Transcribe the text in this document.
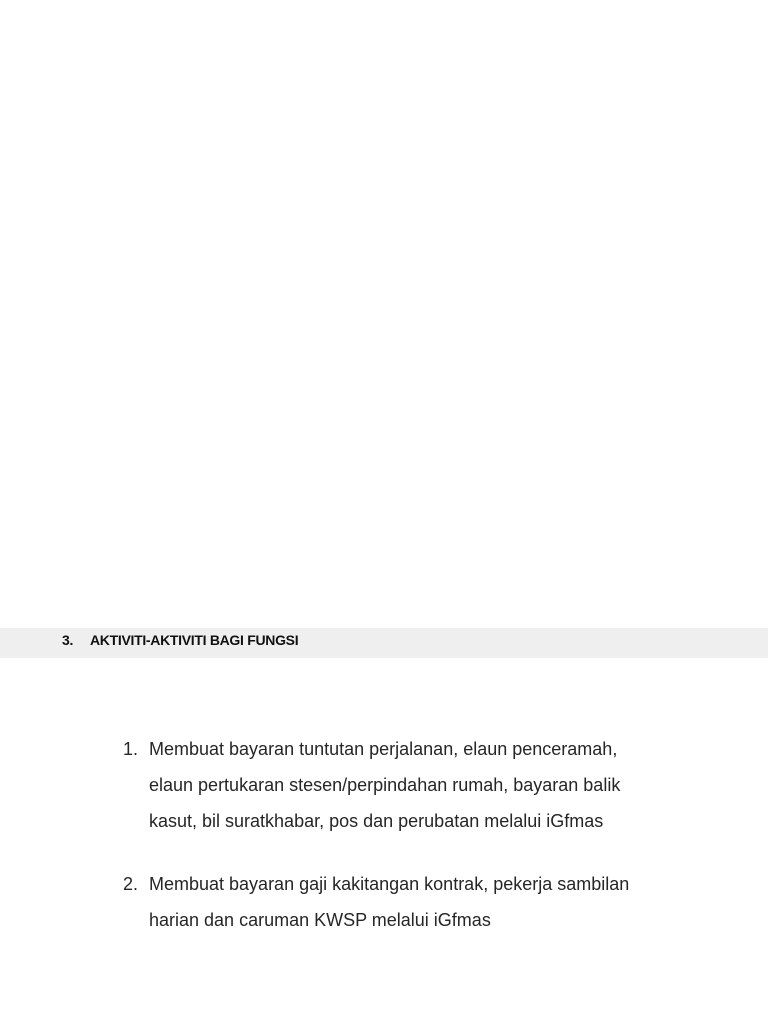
3. AKTIVITI-AKTIVITI BAGI FUNGSI
1. Membuat bayaran tuntutan perjalanan, elaun penceramah, elaun pertukaran stesen/perpindahan rumah, bayaran balik kasut, bil suratkhabar, pos dan perubatan melalui iGfmas
2. Membuat bayaran gaji kakitangan kontrak, pekerja sambilan harian dan caruman KWSP melalui iGfmas
